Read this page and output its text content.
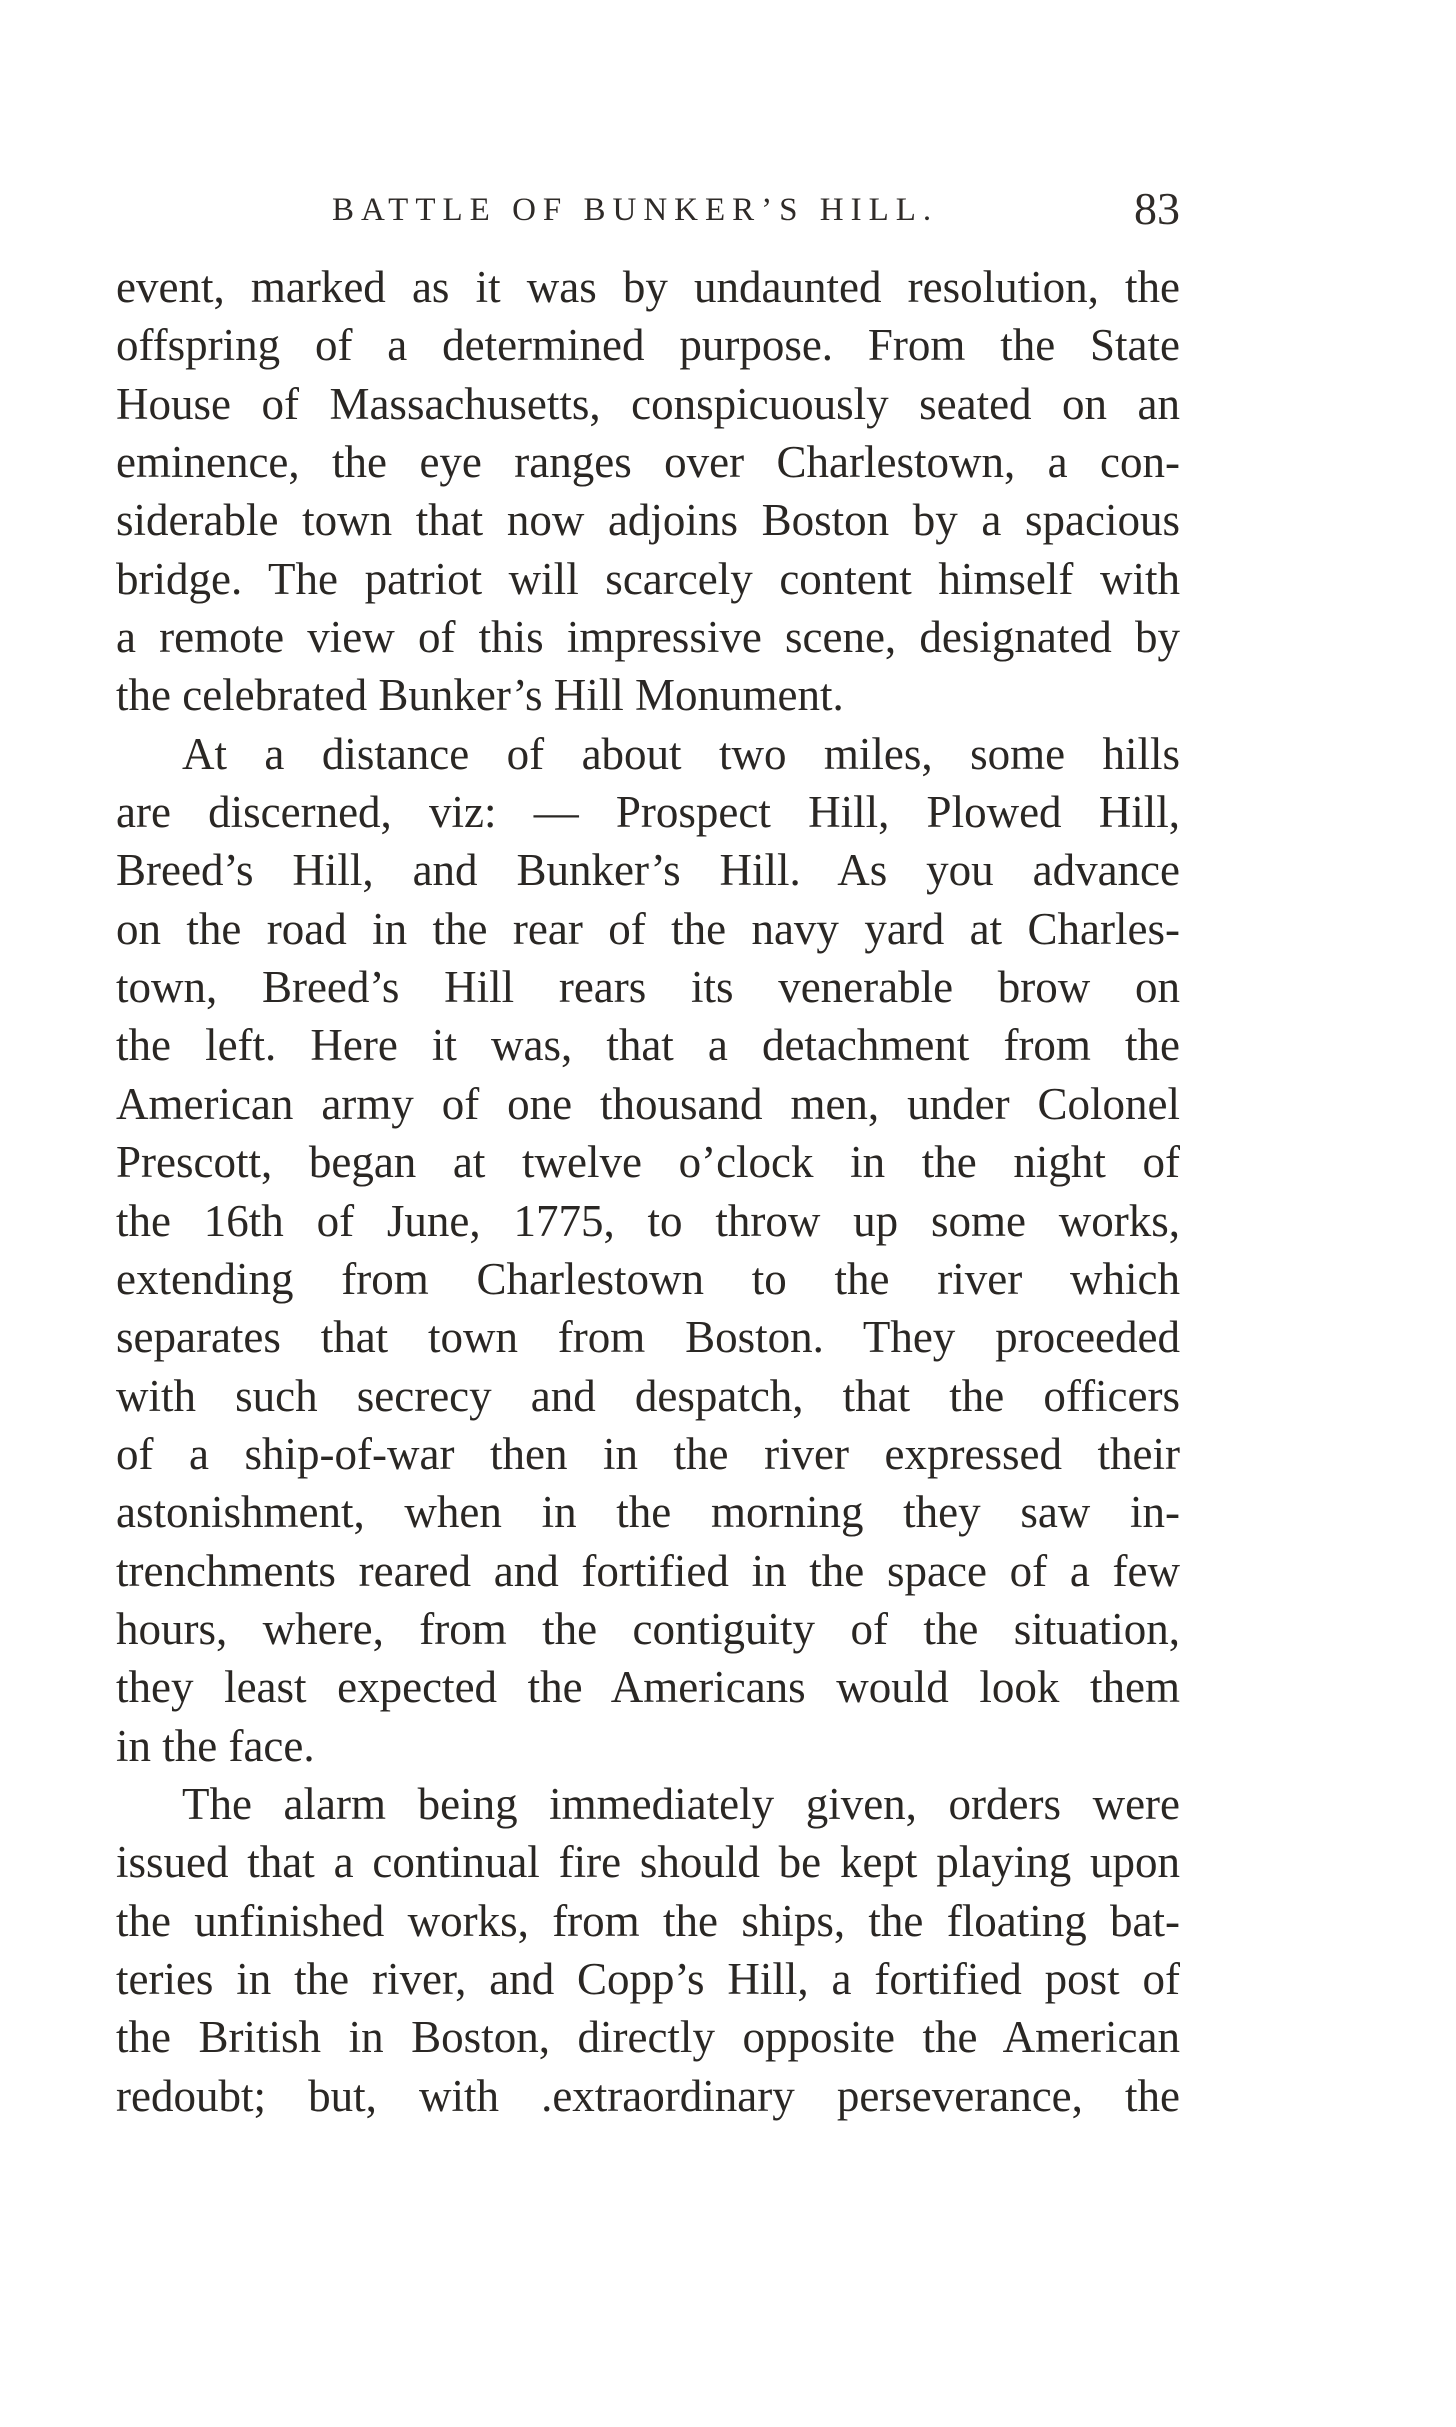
BATTLE OF BUNKER’S HILL.	83
event, marked as it was by undaunted resolution, the
offspring of a determined purpose. From the State
House of Massachusetts, conspicuously seated on an
eminence, the eye ranges over Charlestown, a con-
siderable town that now adjoins Boston by a spacious
bridge. The patriot will scarcely content himself with
a remote view of this impressive scene, designated by
the celebrated Bunker’s Hill Monument.
At a distance of about two miles, some hills
are discerned, viz: — Prospect Hill, Plowed Hill,
Breed’s Hill, and Bunker’s Hill. As you advance
on the road in the rear of the navy yard at Charles-
town, Breed’s Hill rears its venerable brow on
the left. Here it was, that a detachment from the
American army of one thousand men, under Colonel
Prescott, began at twelve o’clock in the night of
the 16th of June, 1775, to throw up some works,
extending from Charlestown to the river which
separates that town from Boston. They proceeded
with such secrecy and despatch, that the officers
of a ship-of-war then in the river expressed their
astonishment, when in the morning they saw in-
trenchments reared and fortified in the space of a few
hours, where, from the contiguity of the situation,
they least expected the Americans would look them
in the face.
The alarm being immediately given, orders were
issued that a continual fire should be kept playing upon
the unfinished works, from the ships, the floating bat-
teries in the river, and Copp’s Hill, a fortified post of
the British in Boston, directly opposite the American
redoubt; but, with .extraordinary perseverance, the
